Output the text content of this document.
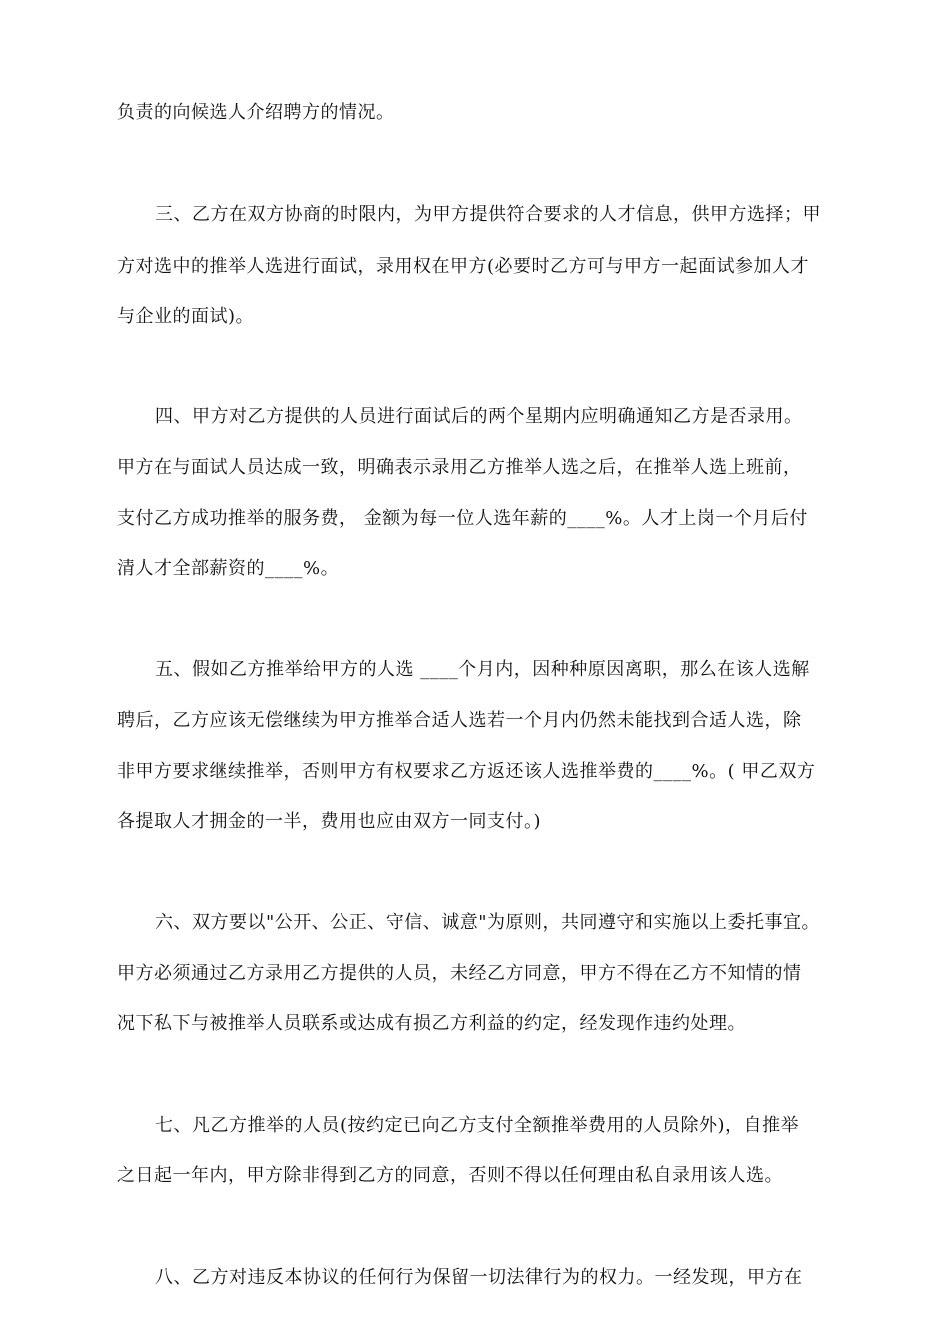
负责的向候选人介绍聘方的情况。
三、乙方在双方协商的时限内，为甲方提供符合要求的人才信息，供甲方选择；甲
方对选中的推举人选进行面试，录用权在甲方(必要时乙方可与甲方一起面试参加人才
与企业的面试)。
四、甲方对乙方提供的人员进行面试后的两个星期内应明确通知乙方是否录用。
甲方在与面试人员达成一致，明确表示录用乙方推举人选之后，在推举人选上班前，
支付乙方成功推举的服务费， 金额为每一位人选年薪的____%。人才上岗一个月后付
清人才全部薪资的____%。
五、假如乙方推举给甲方的人选 ____个月内，因种种原因离职，那么在该人选解
聘后，乙方应该无偿继续为甲方推举合适人选若一个月内仍然未能找到合适人选，除
非甲方要求继续推举，否则甲方有权要求乙方返还该人选推举费的____%。( 甲乙双方
各提取人才拥金的一半，费用也应由双方一同支付。)
六、双方要以"公开、公正、守信、诚意"为原则，共同遵守和实施以上委托事宜。
甲方必须通过乙方录用乙方提供的人员，未经乙方同意，甲方不得在乙方不知情的情
况下私下与被推举人员联系或达成有损乙方利益的约定，经发现作违约处理。
七、凡乙方推举的人员(按约定已向乙方支付全额推举费用的人员除外)，自推举
之日起一年内，甲方除非得到乙方的同意，否则不得以任何理由私自录用该人选。
八、乙方对违反本协议的任何行为保留一切法律行为的权力。一经发现，甲方在
